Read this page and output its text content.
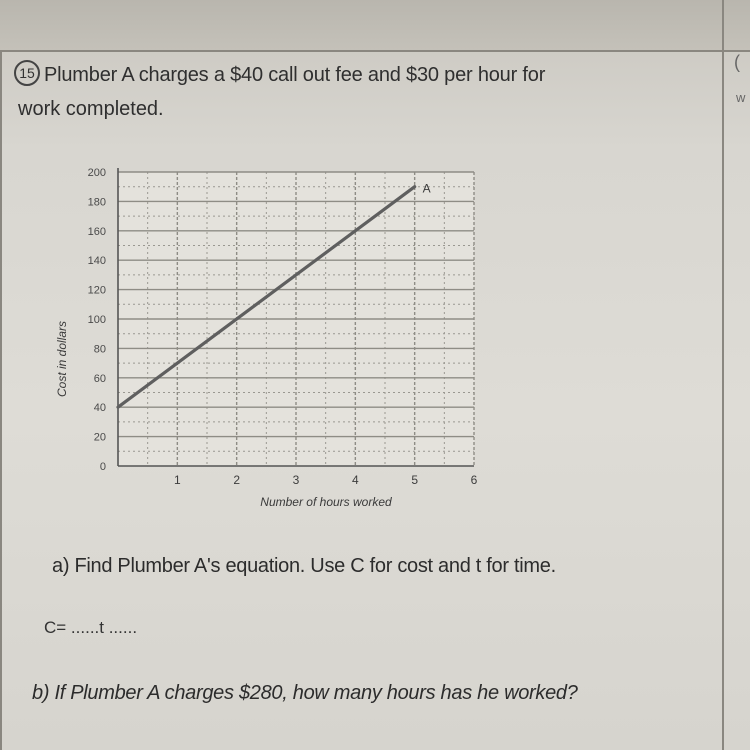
(
w
15 Plumber A charges a $40 call out fee and $30 per hour for
work completed.
0
20
40
60
80
100
120
140
160
180
200
1	2	3	4	5	6
Number of hours worked
Cost in dollars
A
a) Find Plumber A's equation. Use C for cost and t for time.
C= ......t ......
b) If Plumber A charges $280, how many hours has he worked?
